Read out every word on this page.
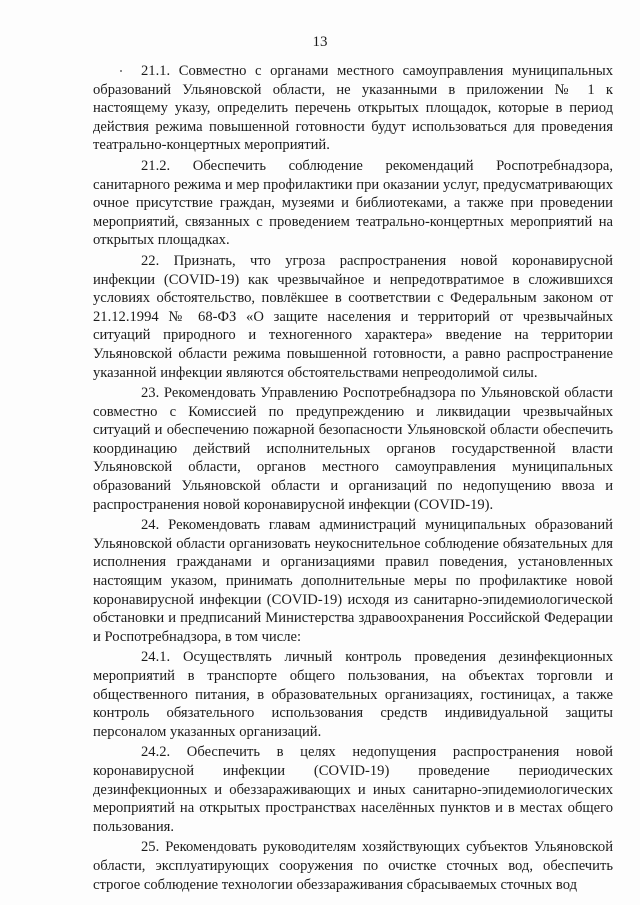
13

21.1. Совместно с органами местного самоуправления муниципальных образований Ульяновской области, не указанными в приложении № 1 к настоящему указу, определить перечень открытых площадок, которые в период действия режима повышенной готовности будут использоваться для проведения театрально-концертных мероприятий.

21.2. Обеспечить соблюдение рекомендаций Роспотребнадзора, санитарного режима и мер профилактики при оказании услуг, предусматривающих очное присутствие граждан, музеями и библиотеками, а также при проведении мероприятий, связанных с проведением театрально-концертных мероприятий на открытых площадках.

22. Признать, что угроза распространения новой коронавирусной инфекции (COVID-19) как чрезвычайное и непредотвратимое в сложившихся условиях обстоятельство, повлёкшее в соответствии с Федеральным законом от 21.12.1994 № 68-ФЗ «О защите населения и территорий от чрезвычайных ситуаций природного и техногенного характера» введение на территории Ульяновской области режима повышенной готовности, а равно распространение указанной инфекции являются обстоятельствами непреодолимой силы.

23. Рекомендовать Управлению Роспотребнадзора по Ульяновской области совместно с Комиссией по предупреждению и ликвидации чрезвычайных ситуаций и обеспечению пожарной безопасности Ульяновской области обеспечить координацию действий исполнительных органов государственной власти Ульяновской области, органов местного самоуправления муниципальных образований Ульяновской области и организаций по недопущению ввоза и распространения новой коронавирусной инфекции (COVID-19).

24. Рекомендовать главам администраций муниципальных образований Ульяновской области организовать неукоснительное соблюдение обязательных для исполнения гражданами и организациями правил поведения, установленных настоящим указом, принимать дополнительные меры по профилактике новой коронавирусной инфекции (COVID-19) исходя из санитарно-эпидемиологической обстановки и предписаний Министерства здравоохранения Российской Федерации и Роспотребнадзора, в том числе:

24.1. Осуществлять личный контроль проведения дезинфекционных мероприятий в транспорте общего пользования, на объектах торговли и общественного питания, в образовательных организациях, гостиницах, а также контроль обязательного использования средств индивидуальной защиты персоналом указанных организаций.

24.2. Обеспечить в целях недопущения распространения новой коронавирусной инфекции (COVID-19) проведение периодических дезинфекционных и обеззараживающих и иных санитарно-эпидемиологических мероприятий на открытых пространствах населённых пунктов и в местах общего пользования.

25. Рекомендовать руководителям хозяйствующих субъектов Ульяновской области, эксплуатирующих сооружения по очистке сточных вод, обеспечить строгое соблюдение технологии обеззараживания сбрасываемых сточных вод
